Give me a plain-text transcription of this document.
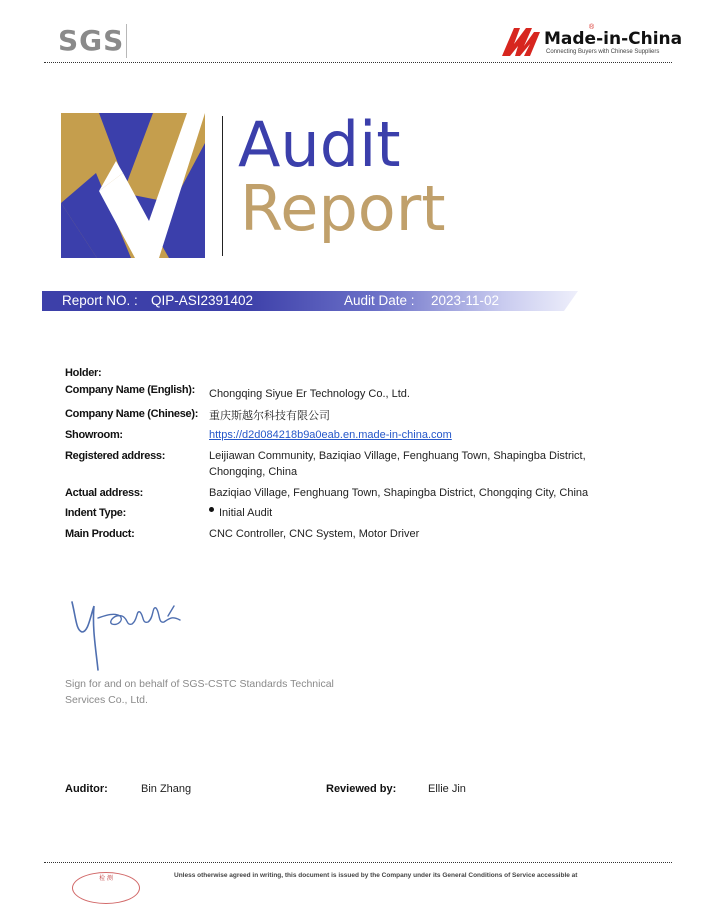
SGS	Made-in-China
®
Connecting Buyers with Chinese Suppliers
Audit
Report
Report NO. : QIP-ASI2391402	Audit Date : 2023-11-02
Holder:
Company Name (English): Chongqing Siyue Er Technology Co., Ltd.
Company Name (Chinese): 重庆斯越尔科技有限公司
Showroom:	https://d2d084218b9a0eab.en.made-in-china.com
Registered address:	Leijiawan Community, Baziqiao Village, Fenghuang Town, Shapingba District,
Chongqing, China
Actual address:	Baziqiao Village, Fenghuang Town, Shapingba District, Chongqing City, China
Indent Type:	Initial Audit
Main Product:	CNC Controller, CNC System, Motor Driver
Sign for and on behalf of SGS-CSTC Standards Technical
Services Co., Ltd.
Auditor:	Bin Zhang	Reviewed by:	Ellie Jin
检 测	Unless otherwise agreed in writing, this document is issued by the Company under its General Conditions of Service accessible at
